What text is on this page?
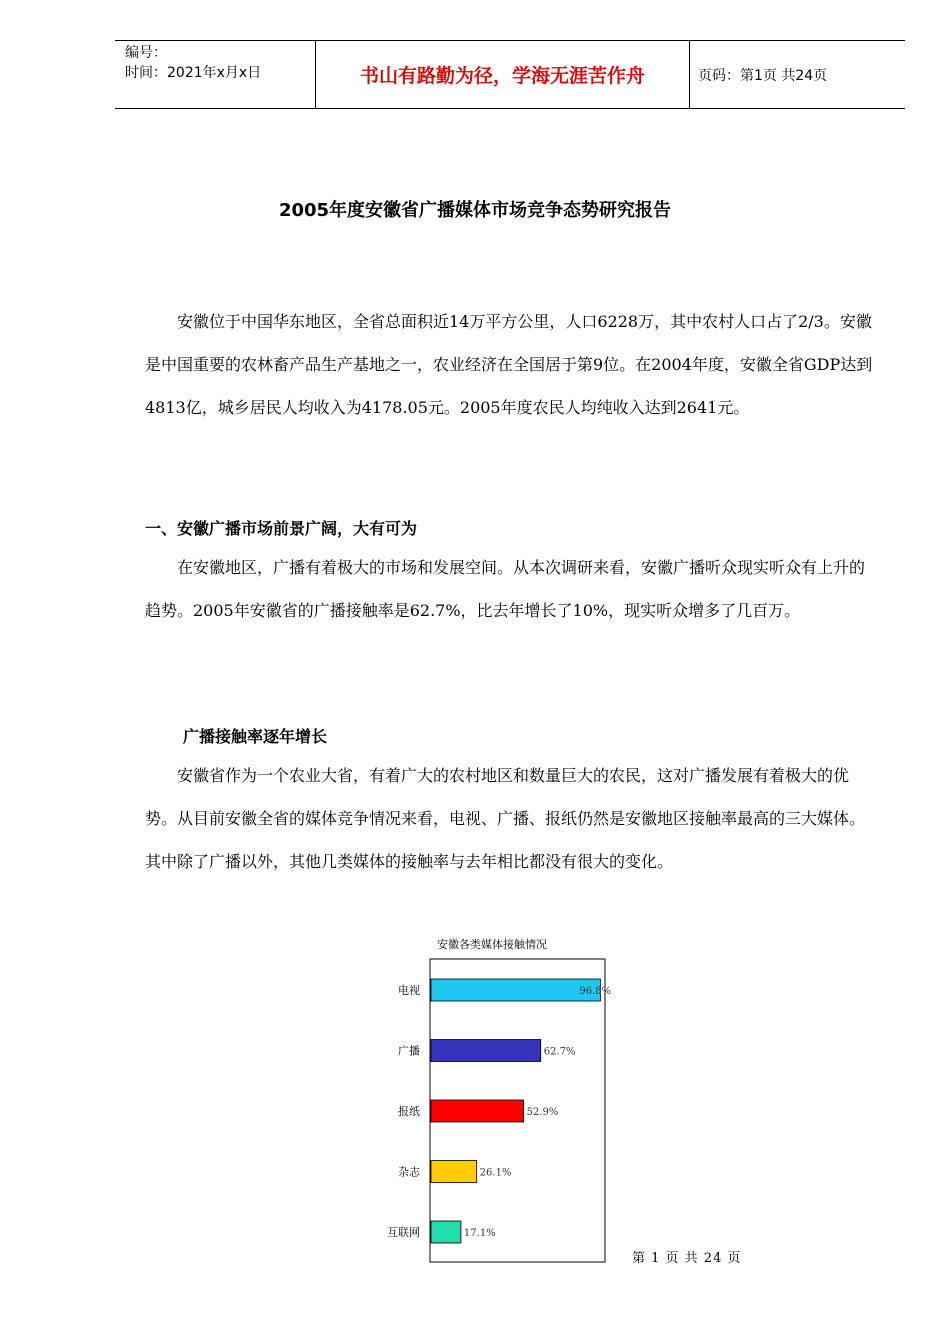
编号：
时间：2021年x月x日	书山有路勤为径，学海无涯苦作舟	页码：第1页 共24页
2005年度安徽省广播媒体市场竞争态势研究报告

安徽位于中国华东地区，全省总面积近14万平方公里，人口6228万，其中农村人口占了2/3。安徽是中国重要的农林畜产品生产基地之一，农业经济在全国居于第9位。在2004年度，安徽全省GDP达到4813亿，城乡居民人均收入为4178.05元。2005年度农民人均纯收入达到2641元。

一、安徽广播市场前景广阔，大有可为

在安徽地区，广播有着极大的市场和发展空间。从本次调研来看，安徽广播听众现实听众有上升的趋势。2005年安徽省的广播接触率是62.7%，比去年增长了10%，现实听众增多了几百万。

广播接触率逐年增长

安徽省作为一个农业大省，有着广大的农村地区和数量巨大的农民，这对广播发展有着极大的优势。从目前安徽全省的媒体竞争情况来看，电视、广播、报纸仍然是安徽地区接触率最高的三大媒体。其中除了广播以外，其他几类媒体的接触率与去年相比都没有很大的变化。

安徽各类媒体接触情况
电视	96.8%
广播	62.7%
报纸	52.9%
杂志	26.1%
互联网	17.1%
第 1 页 共 24 页
